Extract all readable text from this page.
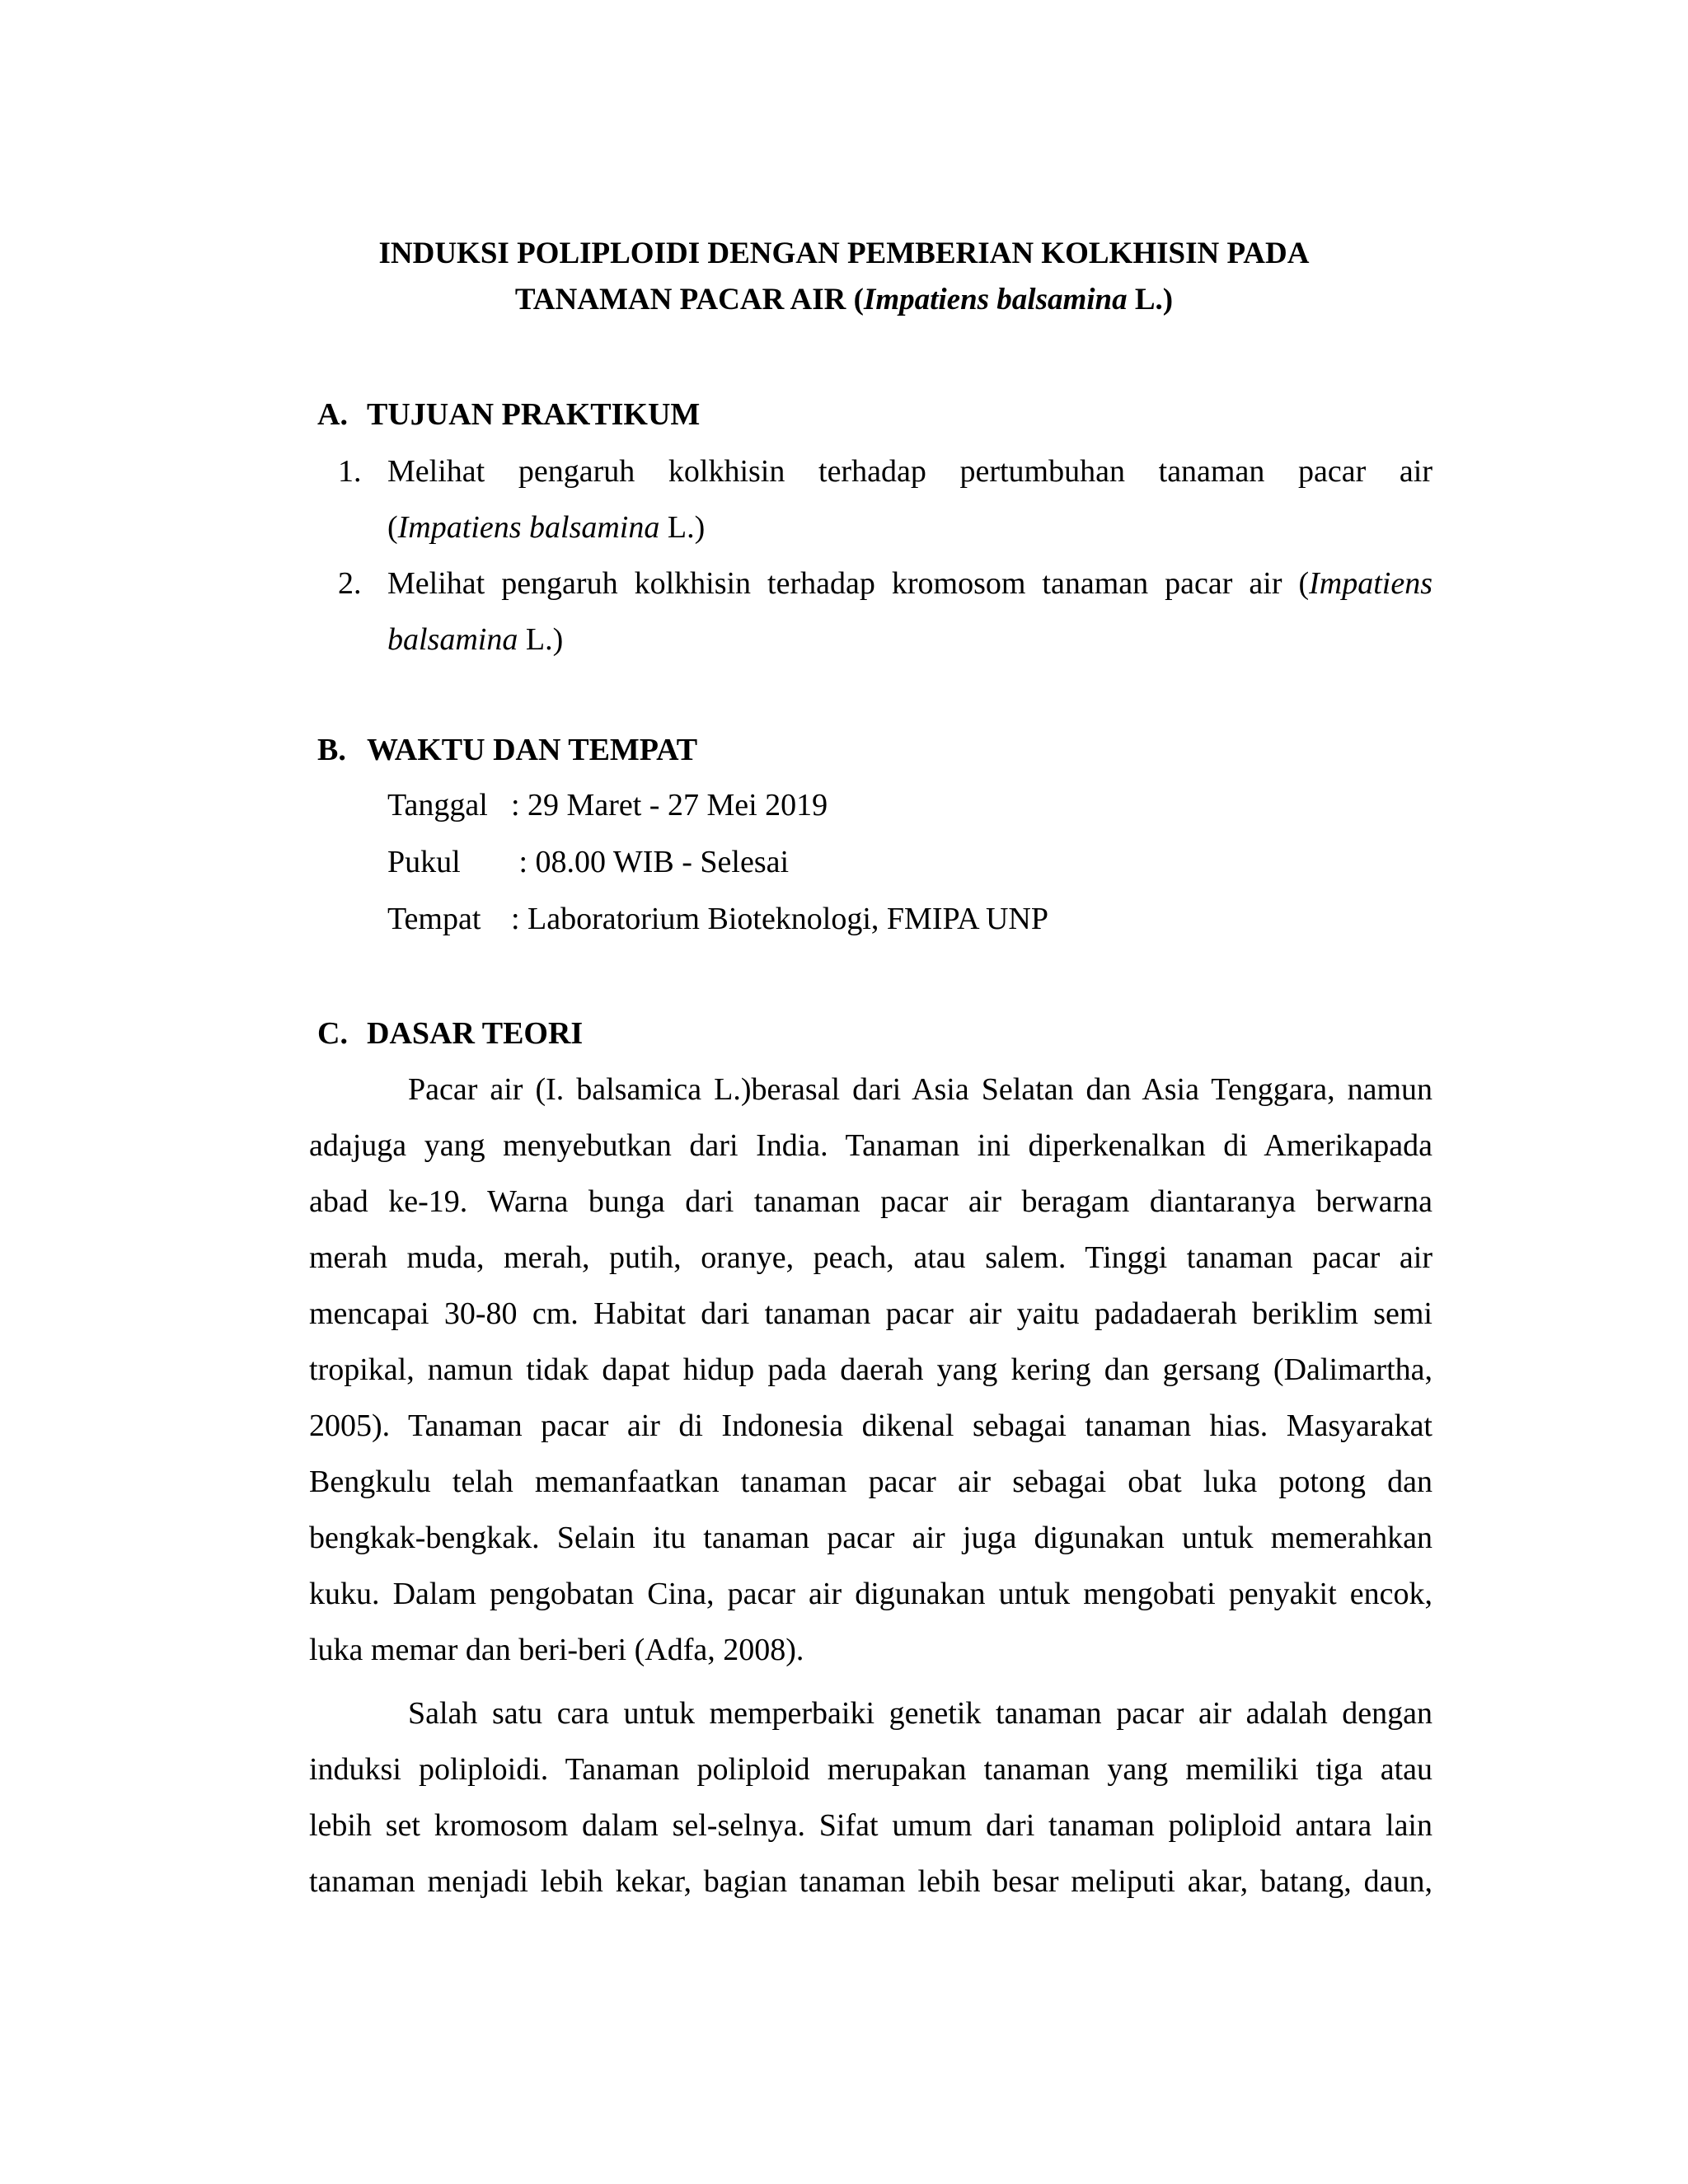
INDUKSI POLIPLOIDI DENGAN PEMBERIAN KOLKHISIN PADA
TANAMAN PACAR AIR (Impatiens balsamina L.)
A. TUJUAN PRAKTIKUM
1. Melihat pengaruh kolkhisin terhadap pertumbuhan tanaman pacar air
(Impatiens balsamina L.)
2. Melihat pengaruh kolkhisin terhadap kromosom tanaman pacar air (Impatiens
balsamina L.)
B. WAKTU DAN TEMPAT
Tanggal : 29 Maret - 27 Mei 2019
Pukul : 08.00 WIB - Selesai
Tempat : Laboratorium Bioteknologi, FMIPA UNP
C. DASAR TEORI
Pacar air (I. balsamica L.)berasal dari Asia Selatan dan Asia Tenggara, namun
adajuga yang menyebutkan dari India. Tanaman ini diperkenalkan di Amerikapada
abad ke-19. Warna bunga dari tanaman pacar air beragam diantaranya berwarna
merah muda, merah, putih, oranye, peach, atau salem. Tinggi tanaman pacar air
mencapai 30-80 cm. Habitat dari tanaman pacar air yaitu padadaerah beriklim semi
tropikal, namun tidak dapat hidup pada daerah yang kering dan gersang (Dalimartha,
2005). Tanaman pacar air di Indonesia dikenal sebagai tanaman hias. Masyarakat
Bengkulu telah memanfaatkan tanaman pacar air sebagai obat luka potong dan
bengkak-bengkak. Selain itu tanaman pacar air juga digunakan untuk memerahkan
kuku. Dalam pengobatan Cina, pacar air digunakan untuk mengobati penyakit encok,
luka memar dan beri-beri (Adfa, 2008).
Salah satu cara untuk memperbaiki genetik tanaman pacar air adalah dengan
induksi poliploidi. Tanaman poliploid merupakan tanaman yang memiliki tiga atau
lebih set kromosom dalam sel-selnya. Sifat umum dari tanaman poliploid antara lain
tanaman menjadi lebih kekar, bagian tanaman lebih besar meliputi akar, batang, daun,
